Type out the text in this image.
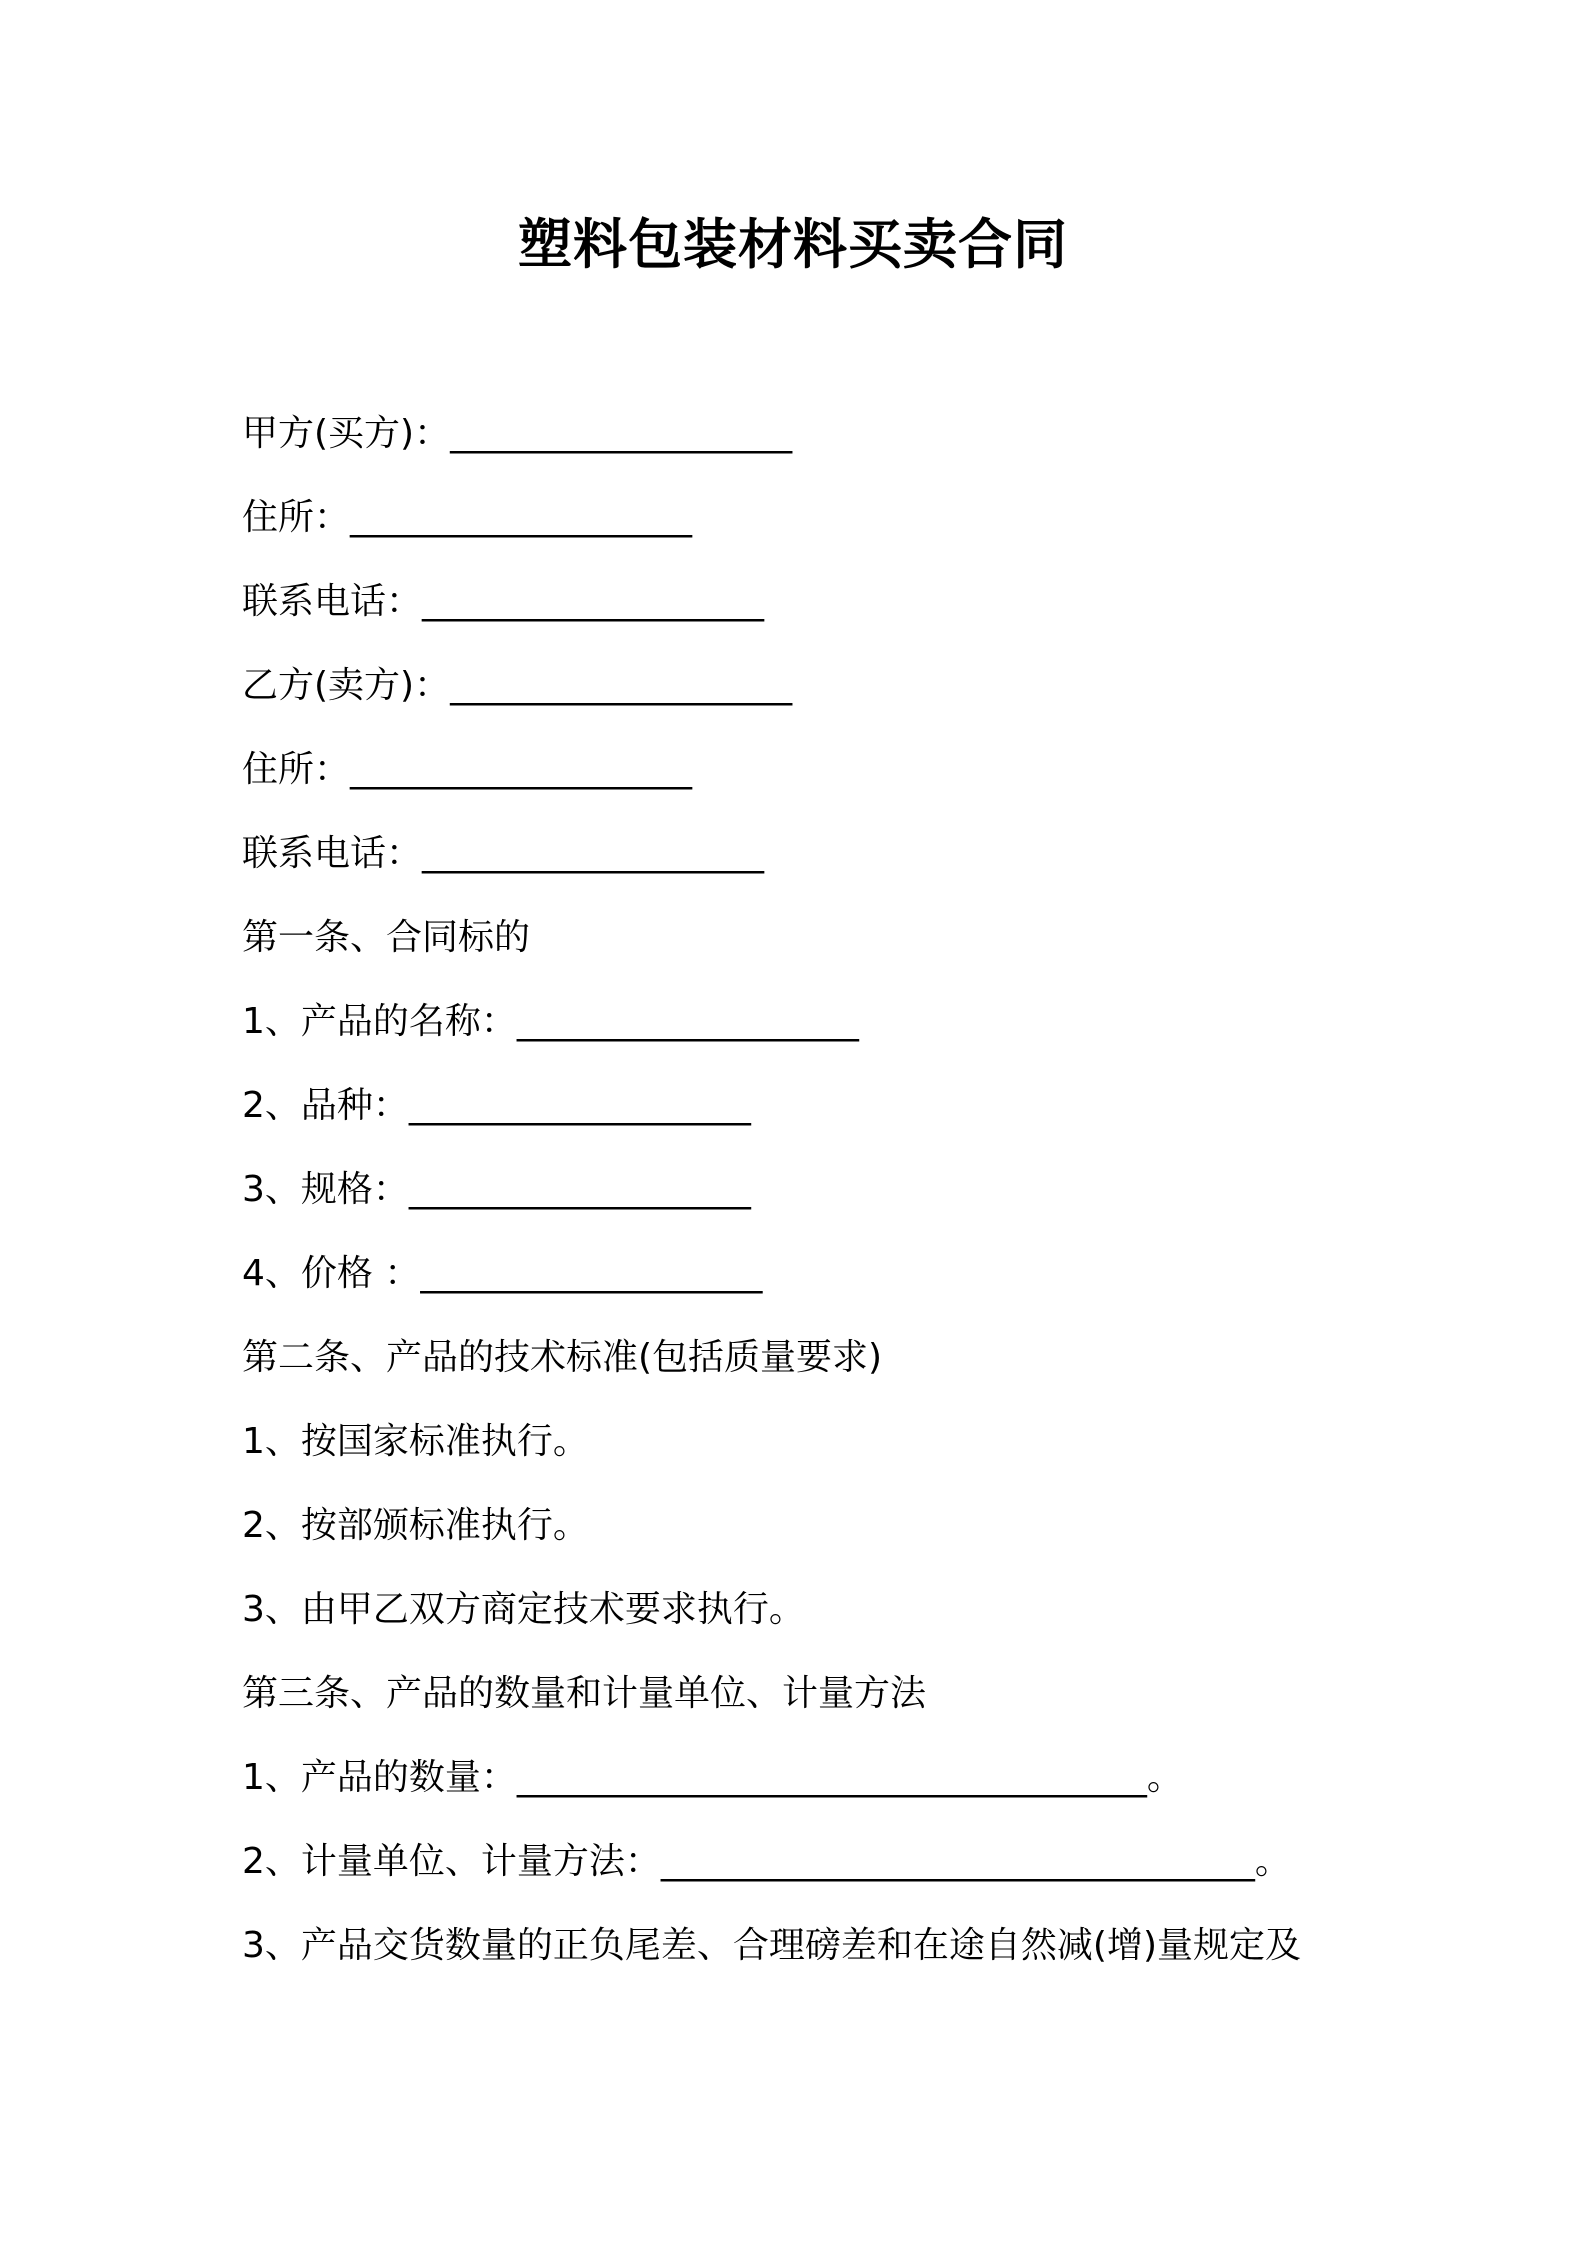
塑料包装材料买卖合同
甲方(买方)：___________________
住所：___________________
联系电话：___________________
乙方(卖方)：___________________
住所：___________________
联系电话：___________________
第一条、合同标的
1、产品的名称：___________________
2、品种：___________________
3、规格：___________________
4、价格 ：___________________
第二条、产品的技术标准(包括质量要求)
1、按国家标准执行。
2、按部颁标准执行。
3、由甲乙双方商定技术要求执行。
第三条、产品的数量和计量单位、计量方法
1、产品的数量：___________________________________。
2、计量单位、计量方法：_________________________________。
3、产品交货数量的正负尾差、合理磅差和在途自然减(增)量规定及
